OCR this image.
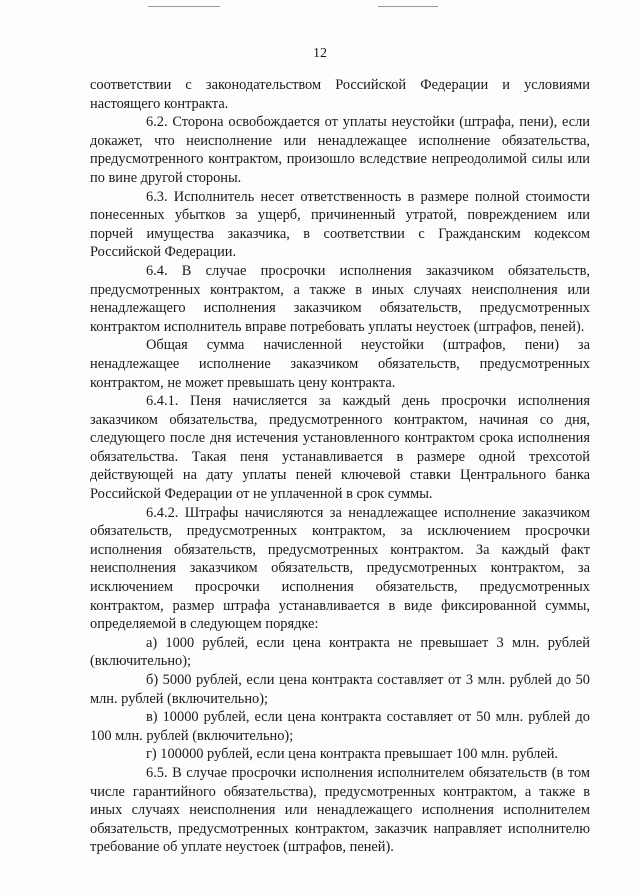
12

соответствии с законодательством Российской Федерации и условиями настоящего контракта.

6.2. Сторона освобождается от уплаты неустойки (штрафа, пени), если докажет, что неисполнение или ненадлежащее исполнение обязательства, предусмотренного контрактом, произошло вследствие непреодолимой силы или по вине другой стороны.

6.3. Исполнитель несет ответственность в размере полной стоимости понесенных убытков за ущерб, причиненный утратой, повреждением или порчей имущества заказчика, в соответствии с Гражданским кодексом Российской Федерации.

6.4. В случае просрочки исполнения заказчиком обязательств, предусмотренных контрактом, а также в иных случаях неисполнения или ненадлежащего исполнения заказчиком обязательств, предусмотренных контрактом исполнитель вправе потребовать уплаты неустоек (штрафов, пеней).

Общая сумма начисленной неустойки (штрафов, пени) за ненадлежащее исполнение заказчиком обязательств, предусмотренных контрактом, не может превышать цену контракта.

6.4.1. Пеня начисляется за каждый день просрочки исполнения заказчиком обязательства, предусмотренного контрактом, начиная со дня, следующего после дня истечения установленного контрактом срока исполнения обязательства. Такая пеня устанавливается в размере одной трехсотой действующей на дату уплаты пеней ключевой ставки Центрального банка Российской Федерации от не уплаченной в срок суммы.

6.4.2. Штрафы начисляются за ненадлежащее исполнение заказчиком обязательств, предусмотренных контрактом, за исключением просрочки исполнения обязательств, предусмотренных контрактом. За каждый факт неисполнения заказчиком обязательств, предусмотренных контрактом, за исключением просрочки исполнения обязательств, предусмотренных контрактом, размер штрафа устанавливается в виде фиксированной суммы, определяемой в следующем порядке:

а) 1000 рублей, если цена контракта не превышает 3 млн. рублей (включительно);

б) 5000 рублей, если цена контракта составляет от 3 млн. рублей до 50 млн. рублей (включительно);

в) 10000 рублей, если цена контракта составляет от 50 млн. рублей до 100 млн. рублей (включительно);

г) 100000 рублей, если цена контракта превышает 100 млн. рублей.

6.5. В случае просрочки исполнения исполнителем обязательств (в том числе гарантийного обязательства), предусмотренных контрактом, а также в иных случаях неисполнения или ненадлежащего исполнения исполнителем обязательств, предусмотренных контрактом, заказчик направляет исполнителю требование об уплате неустоек (штрафов, пеней).
